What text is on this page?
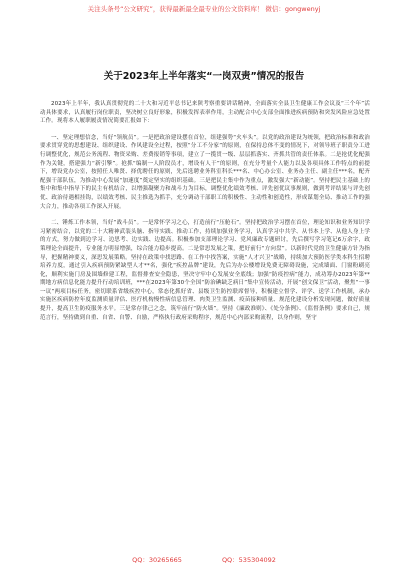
关注头条号“公文研究”，获得最新最全最专业的公文资料库！ 微信：gongwenyj
关于2023年上半年落实“一岗双责”情况的报告

2023年上半年，我认真贯彻党的二十大和习近平总书记来陕考察重要讲话精神，全面落实全县卫生健康工作会议及“三个年”活动具体要求，认真履行岗位职责，坚决树立良好形象，积极发挥表率作用，主动配合中心支部全面推进疾病预防和突发风险应急处置工作。现将本人履职履责情况简要汇报如下：

一、坚定理想信念，当好“领航员”。一是把政治建设摆在首位，组建强势“火车头”。以党的政治建设为统领，把政治标准和政治要求贯穿党的思想建设、组织建设、作风建设全过程，按照“分工不分家”的原则，在保持总体不变的情况下，对领导班子职责分工进行调整优化，规范公务流程、物资采购、差费报销等事项，建立了一揽贯一级、层层抓落实、齐抓共管的责任体系。二是抢优化配强作为关键，搭建强力“新引擎”。抢抓“编制一人阶段员才，增设有人干”的原则，在充分考量个人能力以及各项具体工作特点的前提下，增设党办公室，按照任人唯贤、择优聘任的原则，先后选聘业务科室科长***名、中心办公室、业务办主任、副主任***名，配齐配强干部队伍，为推动中心发展“加速度”奠定坚实的组织基础。三是把民主集中作为重点，激发强大“新动能”。坚持把民主基础上的集中和集中指导下的民主有机结合，以增强凝聚力和战斗力为目标，调整优化绩效考核、评先创优议事规则，做到考评结果与评先创优、政治待遇相挂钩，以绩效考核、民主推选为抓手，充分调动干部职工的积极性、主动性和创造性，形成谋划全局、推动工作的强大合力，推动各项工作深入开展。

二、锤炼工作本领，当好“战斗员”。一是常怀学习之心，打造前行“压舱石”。坚持把政治学习摆在首位，理论知识和业务知识学习紧密结合，以党的二十大精神武装头脑、指导实践、推动工作，持续加强业务学习，认真学习中共学、从书本上学、从他人身上学的方式，努力做到边学习、边思考、边实践、边提高。积极参加支部理论学习、党风廉政专题研讨，先后撰写学习笔记6万余字，政策理论全面提升，专业能力明显增强，综合能力稳步提高。二是常思发展之策，把好前行“方向盘”。以新时代党的卫生健康方针为指导，把握精神要义，深思发展策略。坚持在政策中找思路、在工作中找答案，实施“人才兴卫”战略，持续加大预防医学类本科生招聘培养力度，通过引入疾病预防紧缺型人才**名，强化“疾控品牌”建设，先后为办公楼增设免费无障碍设施，完成墙面、门窗粉刷亮化，顺利实施门房及围墙修建工程，监督排查安全隐患，坚决守牢中心发展安全底线；加强“防疫控病”能力，成功筹办2023年第**期地方病信息化能力提升行动培训班，***在2023年第30个全国“防治碘缺乏病日”集中宣传活动，开展“创文保卫”活动，聚焦“一事一议”两项目标任务，密切联系省级疾控中心，常态化抓好省、县级卫生防控联席督导，积极建立督学、评学、送学工作机制，承办实施区疾病防控年度监测质量评估、医疗机构慢性病信息管理、肉类卫生监测、疫苗接种质量、规范化建设分析发现问题，做好质量提升，提高卫生防疫服务水平。三是常存律己之念，筑牢前行“防火墙”。坚持《廉政准则》、《处分条例》、《监督条例》要求自己，规范言行，坚持做到自重、自省、自警、自励，严格执行政府采购程序，规范中心内部采购流程，以身作则，坚守

QQ：30265665	QQ：535304092
